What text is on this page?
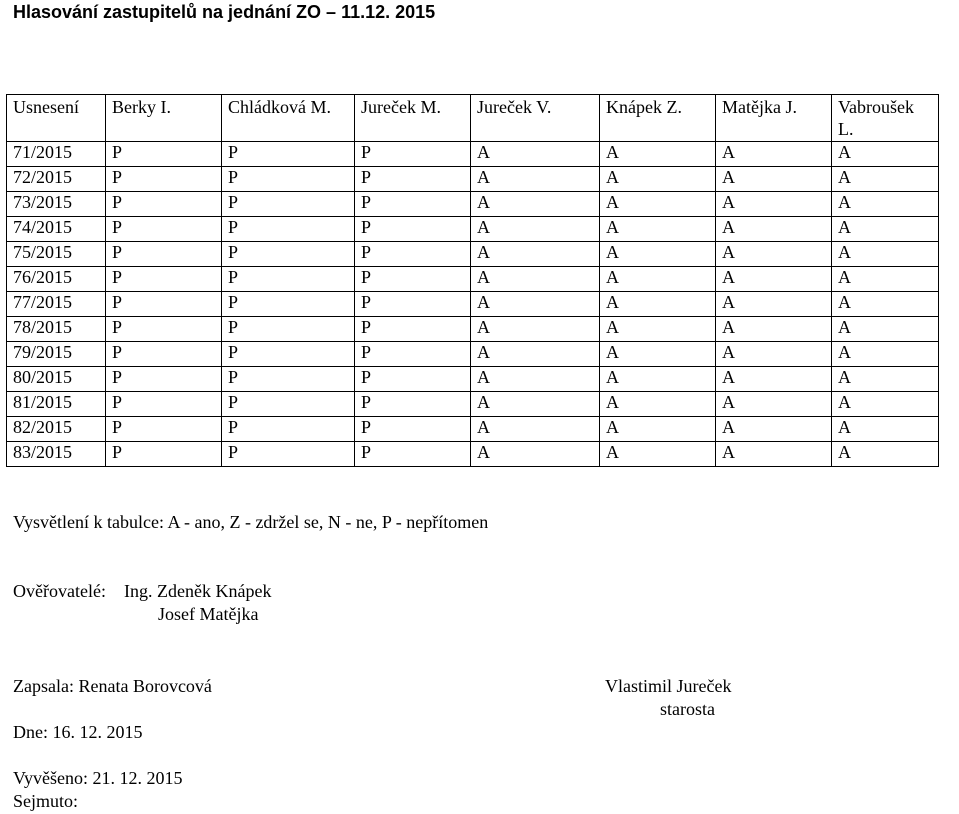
Hlasování zastupitelů na jednání ZO – 11.12. 2015
Usnesení	Berky I.	Chládková M.	Jureček M.	Jureček V.	Knápek Z.	Matějka J.	Vabroušek L.
71/2015	P	P	P	A	A	A	A
72/2015	P	P	P	A	A	A	A
73/2015	P	P	P	A	A	A	A
74/2015	P	P	P	A	A	A	A
75/2015	P	P	P	A	A	A	A
76/2015	P	P	P	A	A	A	A
77/2015	P	P	P	A	A	A	A
78/2015	P	P	P	A	A	A	A
79/2015	P	P	P	A	A	A	A
80/2015	P	P	P	A	A	A	A
81/2015	P	P	P	A	A	A	A
82/2015	P	P	P	A	A	A	A
83/2015	P	P	P	A	A	A	A
Vysvětlení k tabulce: A - ano, Z - zdržel se, N - ne, P - nepřítomen
Ověřovatelé: Ing. Zdeněk Knápek
Josef Matějka
Zapsala: Renata Borovcová	Vlastimil Jureček
starosta
Dne: 16. 12. 2015
Vyvěšeno: 21. 12. 2015
Sejmuto:
